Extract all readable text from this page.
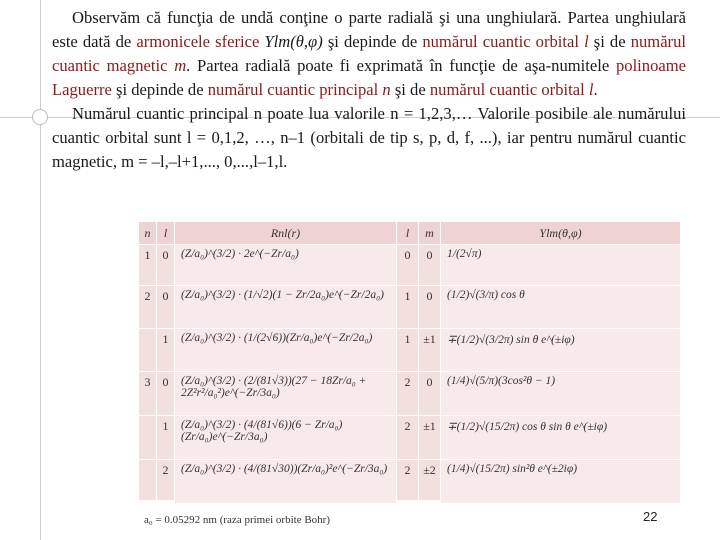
Observăm că funcţia de undă conţine o parte radială şi una unghiulară. Partea unghiulară este dată de armonicele sferice Ylm(θ,φ) şi depinde de numărul cuantic orbital l şi de numărul cuantic magnetic m. Partea radială poate fi exprimată în funcţie de aşa-numitele polinoame Laguerre şi depinde de numărul cuantic principal n şi de numărul cuantic orbital l.

Numărul cuantic principal n poate lua valorile n = 1,2,3,… Valorile posibile ale numărului cuantic orbital sunt l = 0,1,2, …, n–1 (orbitali de tip s, p, d, f, ...), iar pentru numărul cuantic magnetic, m = –l,–l+1,..., 0,...,l–1,l.

n	l	Rnl(r)	l	m	Ylm(θ,φ)
1	0	(Z/a₀)^(3/2) · 2e^(−Zr/a₀)	0	0	1/(2√π)
2	0	(Z/a₀)^(3/2) · (1/√2)(1 − Zr/2a₀)e^(−Zr/2a₀)	1	0	(1/2)√(3/π) cos θ
	1	(Z/a₀)^(3/2) · (1/(2√6))(Zr/a₀)e^(−Zr/2a₀)	1	±1	∓(1/2)√(3/2π) sin θ e^(±iφ)
3	0	(Z/a₀)^(3/2) · (2/(81√3))(27 − 18Zr/a₀ + 2Z²r²/a₀²)e^(−Zr/3a₀)	2	0	(1/4)√(5/π)(3cos²θ − 1)
	1	(Z/a₀)^(3/2) · (4/(81√6))(6 − Zr/a₀)(Zr/a₀)e^(−Zr/3a₀)	2	±1	∓(1/2)√(15/2π) cos θ sin θ e^(±iφ)
	2	(Z/a₀)^(3/2) · (4/(81√30))(Zr/a₀)²e^(−Zr/3a₀)	2	±2	(1/4)√(15/2π) sin²θ e^(±2iφ)
a₀ = 0.05292 nm (raza primei orbite Bohr)	22
